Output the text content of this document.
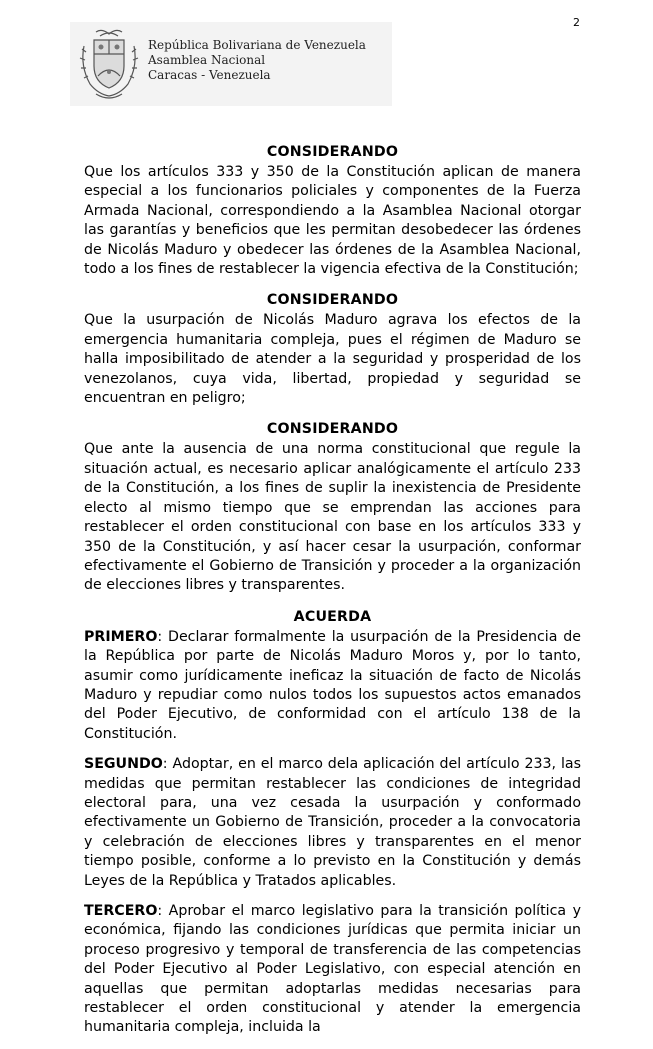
2
República Bolivariana de Venezuela
Asamblea Nacional
Caracas - Venezuela
CONSIDERANDO

Que los artículos 333 y 350 de la Constitución aplican de manera especial a los funcionarios policiales y componentes de la Fuerza Armada Nacional, correspondiendo a la Asamblea Nacional otorgar las garantías y beneficios que les permitan desobedecer las órdenes de Nicolás Maduro y obedecer las órdenes de la Asamblea Nacional, todo a los fines de restablecer la vigencia efectiva de la Constitución;

CONSIDERANDO

Que la usurpación de Nicolás Maduro agrava los efectos de la emergencia humanitaria compleja, pues el régimen de Maduro se halla imposibilitado de atender a la seguridad y prosperidad de los venezolanos, cuya vida, libertad, propiedad y seguridad se encuentran en peligro;

CONSIDERANDO

Que ante la ausencia de una norma constitucional que regule la situación actual, es necesario aplicar analógicamente el artículo 233 de la Constitución, a los fines de suplir la inexistencia de Presidente electo al mismo tiempo que se emprendan las acciones para restablecer el orden constitucional con base en los artículos 333 y 350 de la Constitución, y así hacer cesar la usurpación, conformar efectivamente el Gobierno de Transición y proceder a la organización de elecciones libres y transparentes.

ACUERDA

PRIMERO: Declarar formalmente la usurpación de la Presidencia de la República por parte de Nicolás Maduro Moros y, por lo tanto, asumir como jurídicamente ineficaz la situación de facto de Nicolás Maduro y repudiar como nulos todos los supuestos actos emanados del Poder Ejecutivo, de conformidad con el artículo 138 de la Constitución.

SEGUNDO: Adoptar, en el marco dela aplicación del artículo 233, las medidas que permitan restablecer las condiciones de integridad electoral para, una vez cesada la usurpación y conformado efectivamente un Gobierno de Transición, proceder a la convocatoria y celebración de elecciones libres y transparentes en el menor tiempo posible, conforme a lo previsto en la Constitución y demás Leyes de la República y Tratados aplicables.

TERCERO: Aprobar el marco legislativo para la transición política y económica, fijando las condiciones jurídicas que permita iniciar un proceso progresivo y temporal de transferencia de las competencias del Poder Ejecutivo al Poder Legislativo, con especial atención en aquellas que permitan adoptarlas medidas necesarias para restablecer el orden constitucional y atender la emergencia humanitaria compleja, incluida la
